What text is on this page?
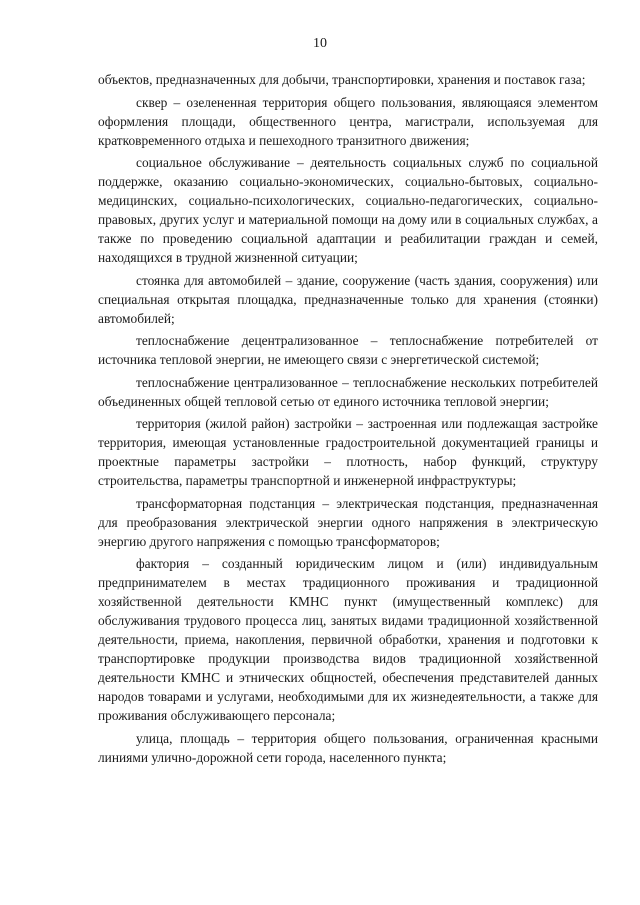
10

объектов, предназначенных для добычи, транспортировки, хранения и поставок газа;

сквер – озелененная территория общего пользования, являющаяся элементом оформления площади, общественного центра, магистрали, используемая для кратковременного отдыха и пешеходного транзитного движения;

социальное обслуживание – деятельность социальных служб по социальной поддержке, оказанию социально-экономических, социально-бытовых, социально-медицинских, социально-психологических, социально-педагогических, социально-правовых, других услуг и материальной помощи на дому или в социальных службах, а также по проведению социальной адаптации и реабилитации граждан и семей, находящихся в трудной жизненной ситуации;

стоянка для автомобилей – здание, сооружение (часть здания, сооружения) или специальная открытая площадка, предназначенные только для хранения (стоянки) автомобилей;

теплоснабжение децентрализованное – теплоснабжение потребителей от источника тепловой энергии, не имеющего связи с энергетической системой;

теплоснабжение централизованное – теплоснабжение нескольких потребителей объединенных общей тепловой сетью от единого источника тепловой энергии;

территория (жилой район) застройки – застроенная или подлежащая застройке территория, имеющая установленные градостроительной документацией границы и проектные параметры застройки – плотность, набор функций, структуру строительства, параметры транспортной и инженерной инфраструктуры;

трансформаторная подстанция – электрическая подстанция, предназначенная для преобразования электрической энергии одного напряжения в электрическую энергию другого напряжения с помощью трансформаторов;

фактория – созданный юридическим лицом и (или) индивидуальным предпринимателем в местах традиционного проживания и традиционной хозяйственной деятельности КМНС пункт (имущественный комплекс) для обслуживания трудового процесса лиц, занятых видами традиционной хозяйственной деятельности, приема, накопления, первичной обработки, хранения и подготовки к транспортировке продукции производства видов традиционной хозяйственной деятельности КМНС и этнических общностей, обеспечения представителей данных народов товарами и услугами, необходимыми для их жизнедеятельности, а также для проживания обслуживающего персонала;

улица, площадь – территория общего пользования, ограниченная красными линиями улично-дорожной сети города, населенного пункта;
